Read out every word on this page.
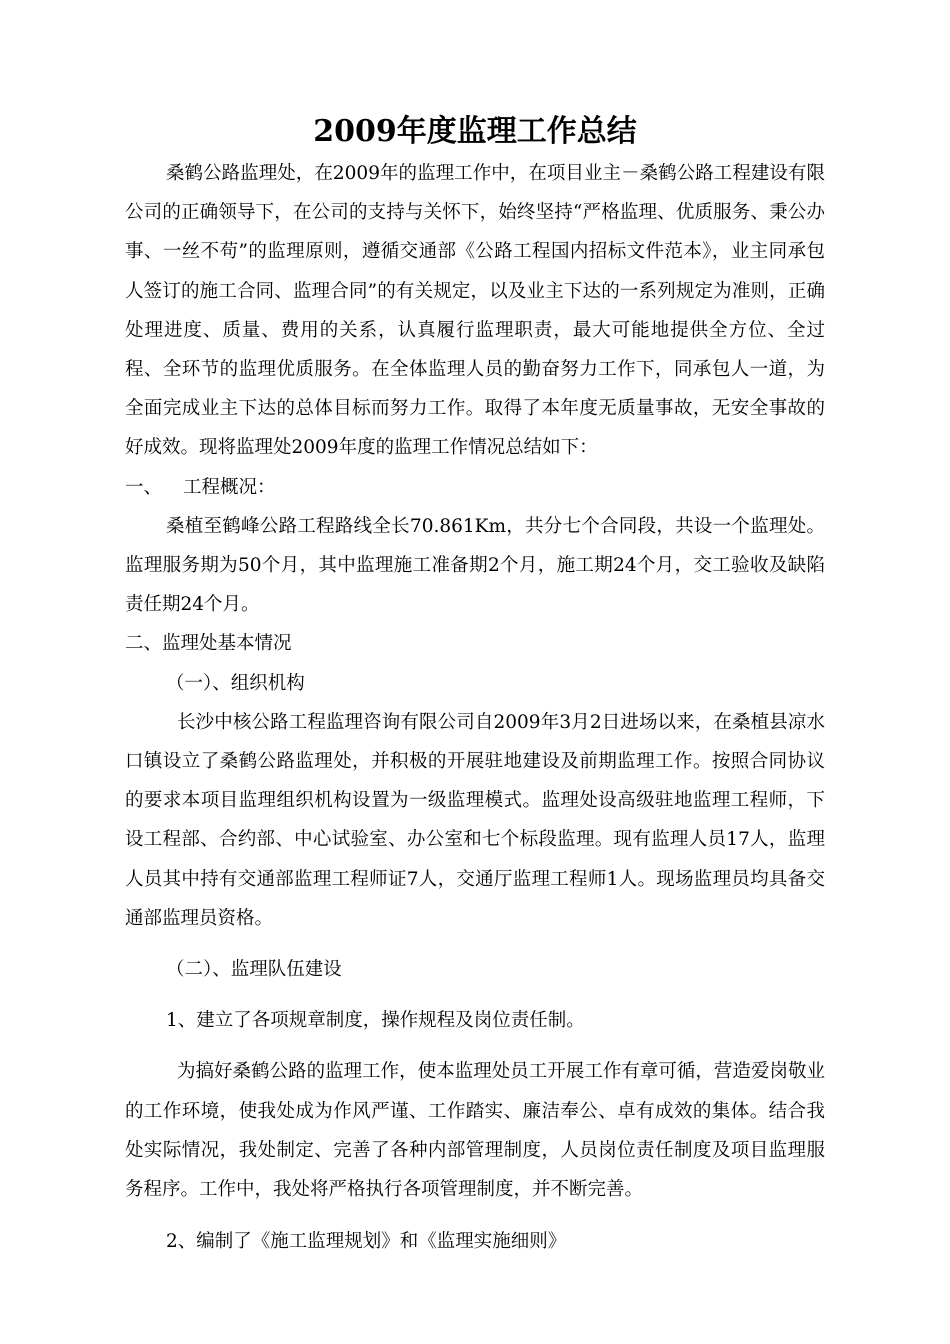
2009年度监理工作总结

桑鹤公路监理处，在2009年的监理工作中，在项目业主－桑鹤公路工程建设有限公司的正确领导下，在公司的支持与关怀下，始终坚持“严格监理、优质服务、秉公办事、一丝不苟”的监理原则，遵循交通部《公路工程国内招标文件范本》，业主同承包人签订的施工合同、监理合同”的有关规定，以及业主下达的一系列规定为准则，正确处理进度、质量、费用的关系，认真履行监理职责，最大可能地提供全方位、全过程、全环节的监理优质服务。在全体监理人员的勤奋努力工作下，同承包人一道，为全面完成业主下达的总体目标而努力工作。取得了本年度无质量事故，无安全事故的好成效。现将监理处2009年度的监理工作情况总结如下：

一、 工程概况：

桑植至鹤峰公路工程路线全长70.861Km，共分七个合同段，共设一个监理处。监理服务期为50个月，其中监理施工准备期2个月，施工期24个月，交工验收及缺陷责任期24个月。

二、监理处基本情况

（一）、组织机构

长沙中核公路工程监理咨询有限公司自2009年3月2日进场以来，在桑植县凉水口镇设立了桑鹤公路监理处，并积极的开展驻地建设及前期监理工作。按照合同协议的要求本项目监理组织机构设置为一级监理模式。监理处设高级驻地监理工程师，下设工程部、合约部、中心试验室、办公室和七个标段监理。现有监理人员17人，监理人员其中持有交通部监理工程师证7人，交通厅监理工程师1人。现场监理员均具备交通部监理员资格。

（二）、监理队伍建设

1、建立了各项规章制度，操作规程及岗位责任制。

为搞好桑鹤公路的监理工作，使本监理处员工开展工作有章可循，营造爱岗敬业的工作环境，使我处成为作风严谨、工作踏实、廉洁奉公、卓有成效的集体。结合我处实际情况，我处制定、完善了各种内部管理制度，人员岗位责任制度及项目监理服务程序。工作中，我处将严格执行各项管理制度，并不断完善。

2、编制了《施工监理规划》和《监理实施细则》
